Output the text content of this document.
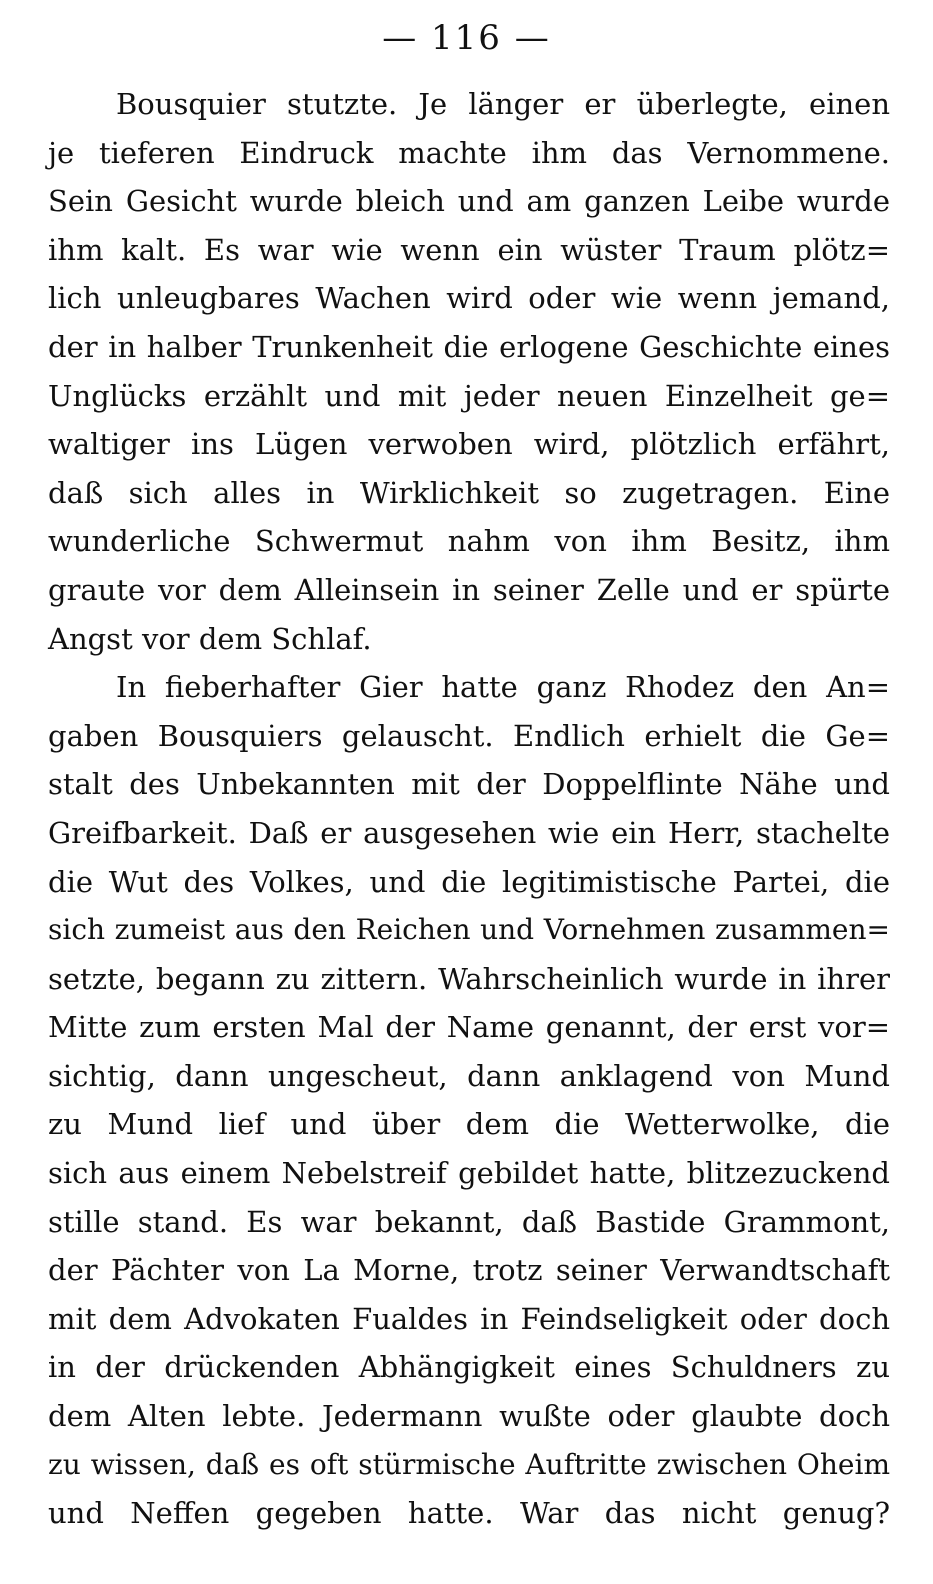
— 116 —
Bousquier stutzte. Je länger er überlegte, einen
je tieferen Eindruck machte ihm das Vernommene.
Sein Gesicht wurde bleich und am ganzen Leibe wurde
ihm kalt. Es war wie wenn ein wüster Traum plötz=
lich unleugbares Wachen wird oder wie wenn jemand,
der in halber Trunkenheit die erlogene Geschichte eines
Unglücks erzählt und mit jeder neuen Einzelheit ge=
waltiger ins Lügen verwoben wird, plötzlich erfährt,
daß sich alles in Wirklichkeit so zugetragen. Eine
wunderliche Schwermut nahm von ihm Besitz, ihm
graute vor dem Alleinsein in seiner Zelle und er spürte
Angst vor dem Schlaf.
In fieberhafter Gier hatte ganz Rhodez den An=
gaben Bousquiers gelauscht. Endlich erhielt die Ge=
stalt des Unbekannten mit der Doppelflinte Nähe und
Greifbarkeit. Daß er ausgesehen wie ein Herr, stachelte
die Wut des Volkes, und die legitimistische Partei, die
sich zumeist aus den Reichen und Vornehmen zusammen=
setzte, begann zu zittern. Wahrscheinlich wurde in ihrer
Mitte zum ersten Mal der Name genannt, der erst vor=
sichtig, dann ungescheut, dann anklagend von Mund
zu Mund lief und über dem die Wetterwolke, die
sich aus einem Nebelstreif gebildet hatte, blitzezuckend
stille stand. Es war bekannt, daß Bastide Grammont,
der Pächter von La Morne, trotz seiner Verwandtschaft
mit dem Advokaten Fualdes in Feindseligkeit oder doch
in der drückenden Abhängigkeit eines Schuldners zu
dem Alten lebte. Jedermann wußte oder glaubte doch
zu wissen, daß es oft stürmische Auftritte zwischen Oheim
und Neffen gegeben hatte. War das nicht genug?
